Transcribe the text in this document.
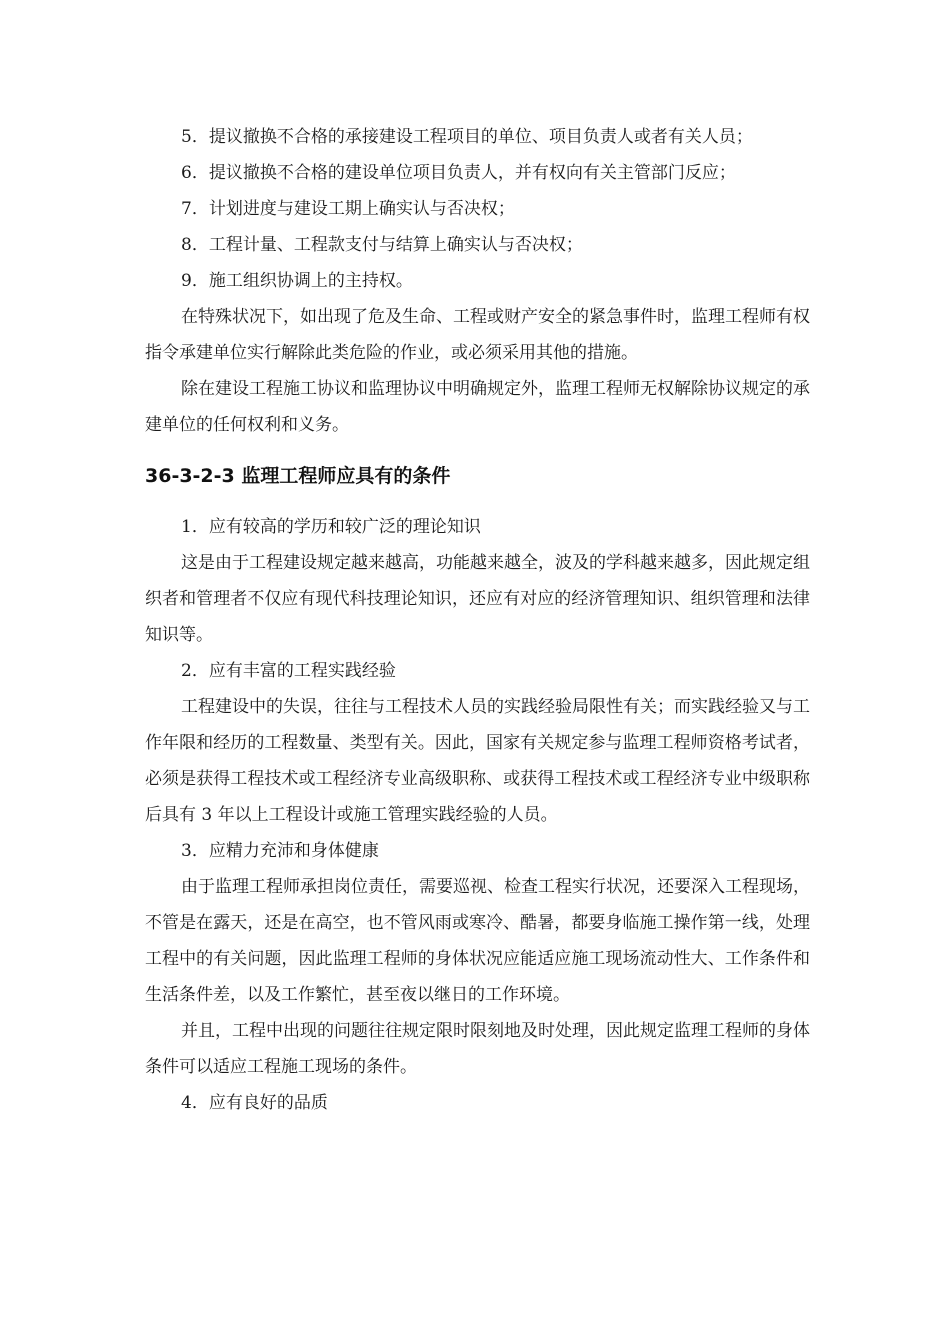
5．提议撤换不合格的承接建设工程项目的单位、项目负责人或者有关人员；

6．提议撤换不合格的建设单位项目负责人，并有权向有关主管部门反应；

7．计划进度与建设工期上确实认与否决权；

8．工程计量、工程款支付与结算上确实认与否决权；

9．施工组织协调上的主持权。

在特殊状况下，如出现了危及生命、工程或财产安全的紧急事件时，监理工程师有权指令承建单位实行解除此类危险的作业，或必须采用其他的措施。

除在建设工程施工协议和监理协议中明确规定外，监理工程师无权解除协议规定的承建单位的任何权利和义务。

36-3-2-3 监理工程师应具有的条件

1．应有较高的学历和较广泛的理论知识

这是由于工程建设规定越来越高，功能越来越全，波及的学科越来越多，因此规定组织者和管理者不仅应有现代科技理论知识，还应有对应的经济管理知识、组织管理和法律知识等。

2．应有丰富的工程实践经验

工程建设中的失误，往往与工程技术人员的实践经验局限性有关；而实践经验又与工作年限和经历的工程数量、类型有关。因此，国家有关规定参与监理工程师资格考试者，必须是获得工程技术或工程经济专业高级职称、或获得工程技术或工程经济专业中级职称后具有 3 年以上工程设计或施工管理实践经验的人员。

3．应精力充沛和身体健康

由于监理工程师承担岗位责任，需要巡视、检查工程实行状况，还要深入工程现场，不管是在露天，还是在高空，也不管风雨或寒冷、酷暑，都要身临施工操作第一线，处理工程中的有关问题，因此监理工程师的身体状况应能适应施工现场流动性大、工作条件和生活条件差，以及工作繁忙，甚至夜以继日的工作环境。

并且，工程中出现的问题往往规定限时限刻地及时处理，因此规定监理工程师的身体条件可以适应工程施工现场的条件。

4．应有良好的品质
